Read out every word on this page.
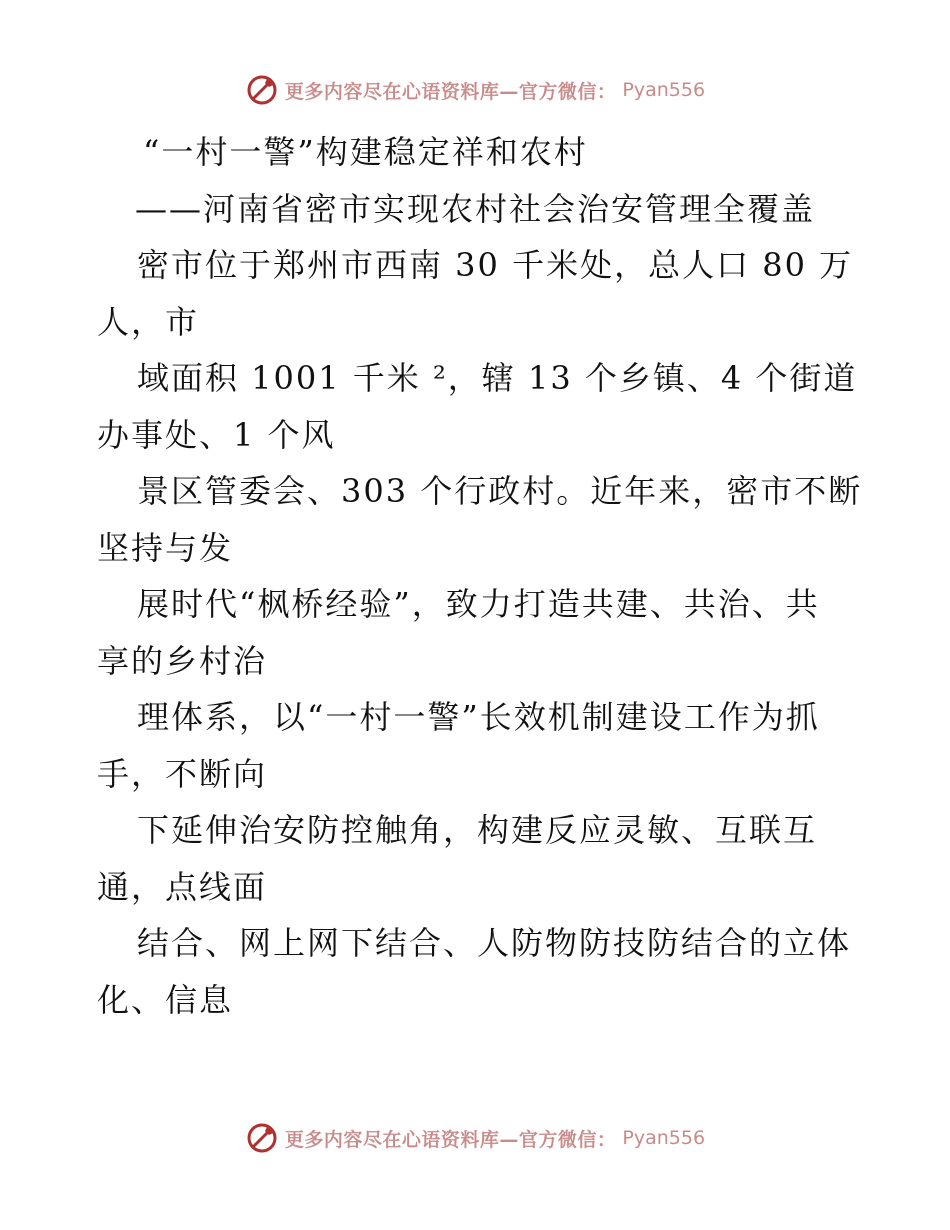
更多内容尽在心语资料库—官方微信： Pyan556
“一村一警”构建稳定祥和农村
——河南省密市实现农村社会治安管理全覆盖
密市位于郑州市西南 30 千米处，总人口 80 万
人，市
域面积 1001 千米 ²，辖 13 个乡镇、4 个街道
办事处、1 个风
景区管委会、303 个行政村。近年来，密市不断
坚持与发
展时代“枫桥经验”，致力打造共建、共治、共
享的乡村治
理体系，以“一村一警”长效机制建设工作为抓
手，不断向
下延伸治安防控触角，构建反应灵敏、互联互
通，点线面
结合、网上网下结合、人防物防技防结合的立体
化、信息
更多内容尽在心语资料库—官方微信： Pyan556
